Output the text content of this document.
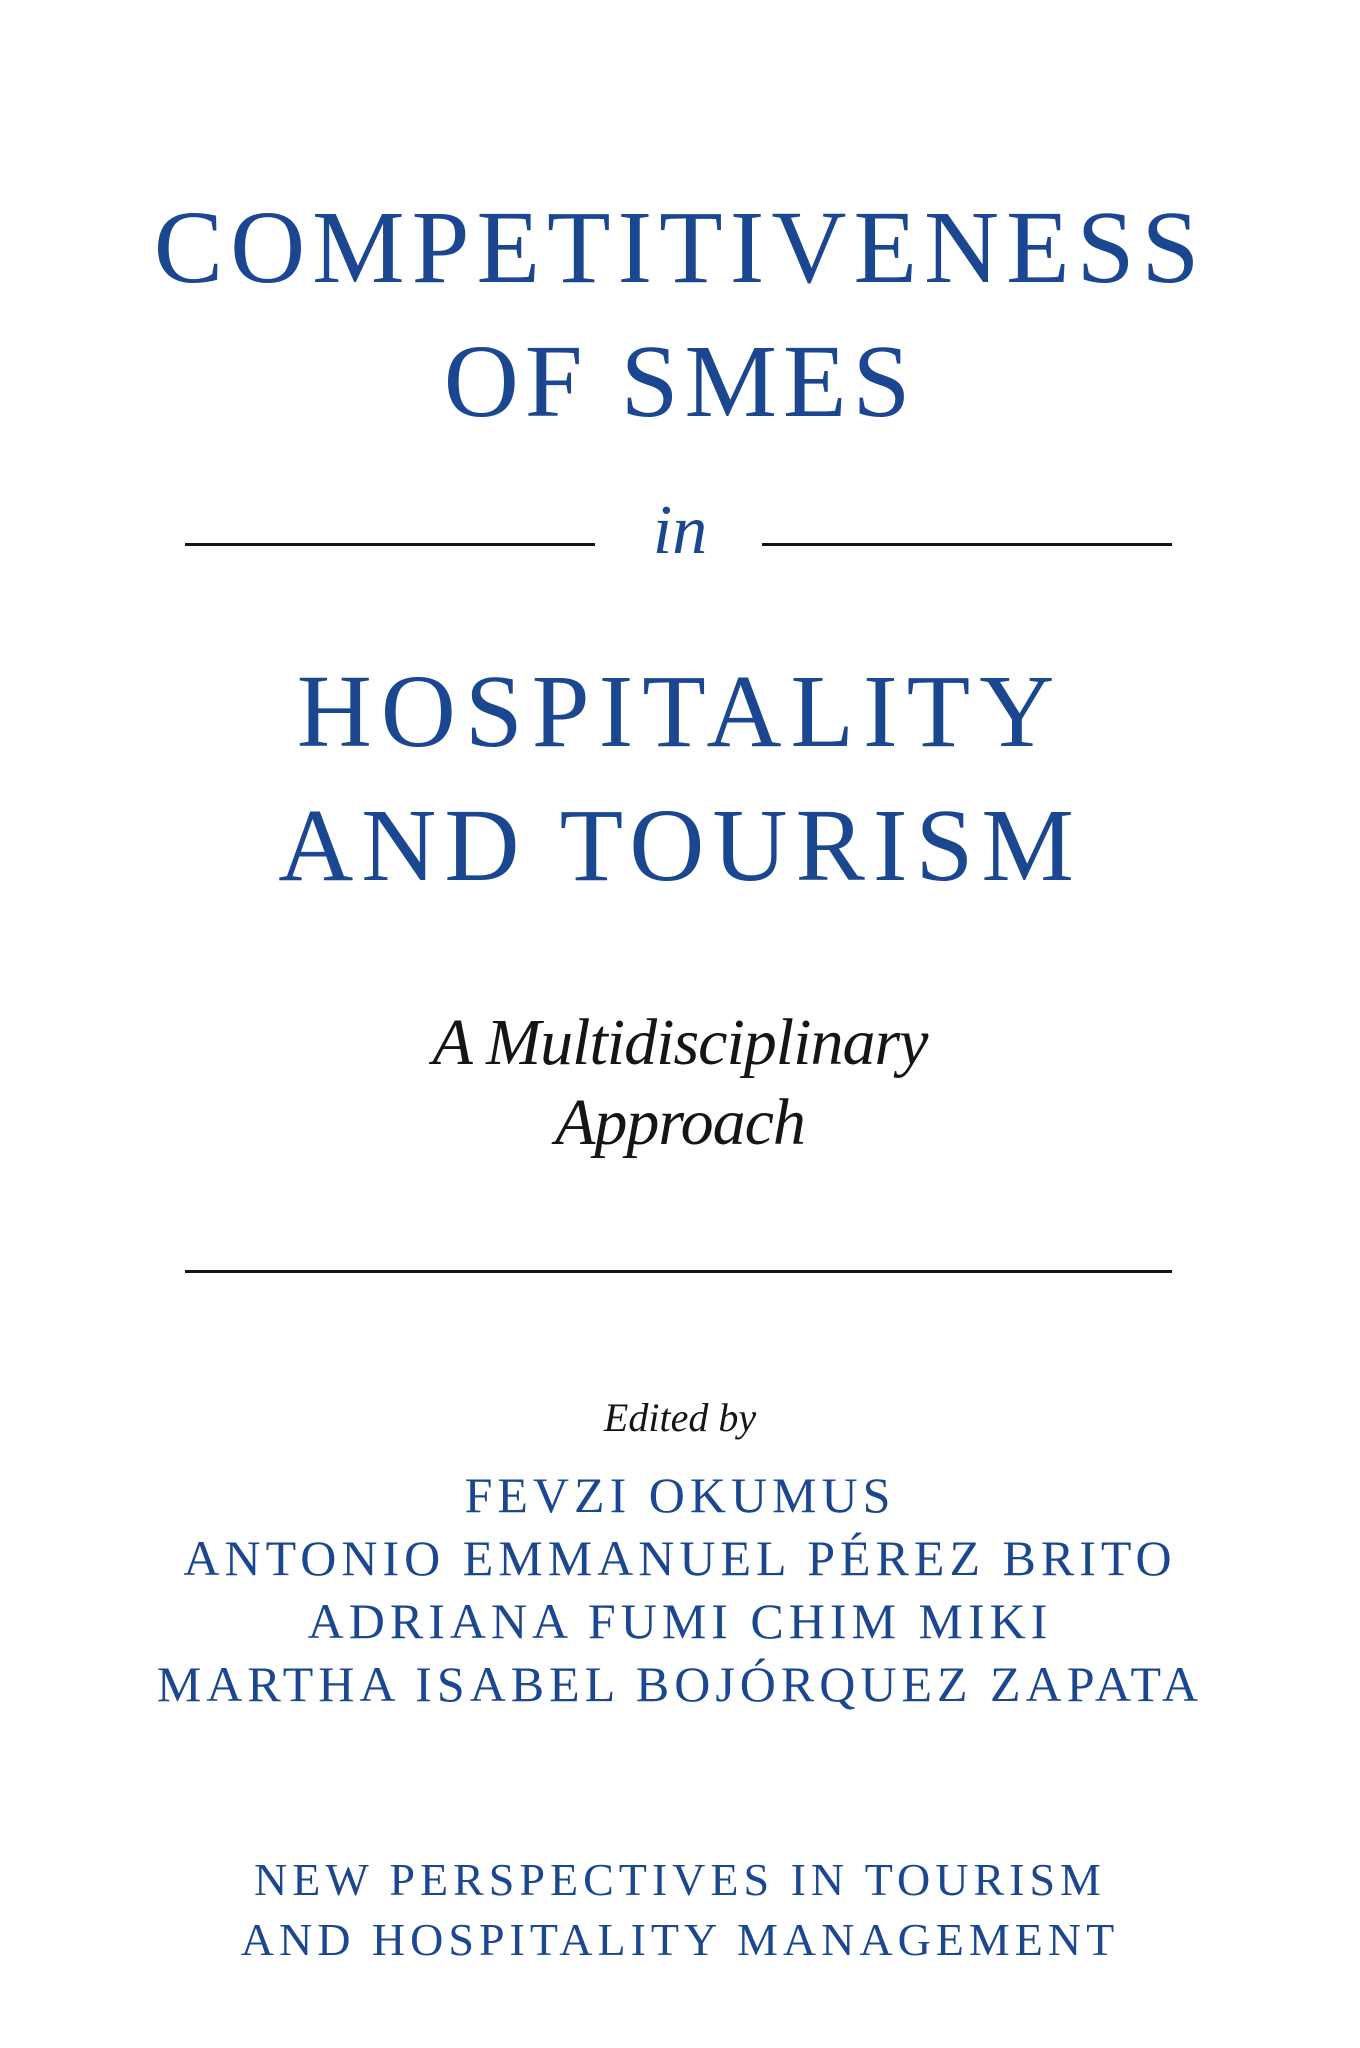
COMPETITIVENESS
OF SMES
in
HOSPITALITY
AND TOURISM
A Multidisciplinary
Approach
Edited by
FEVZI OKUMUS
ANTONIO EMMANUEL PÉREZ BRITO
ADRIANA FUMI CHIM MIKI
MARTHA ISABEL BOJÓRQUEZ ZAPATA
NEW PERSPECTIVES IN TOURISM
AND HOSPITALITY MANAGEMENT
